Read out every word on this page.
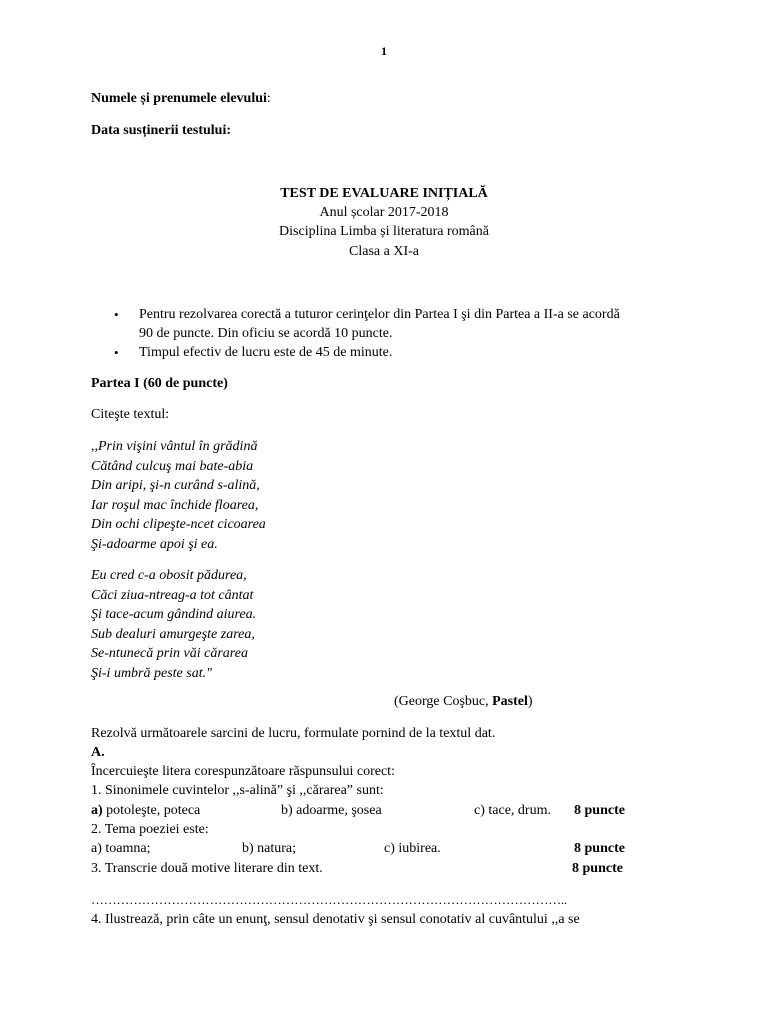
1
Numele și prenumele elevului:
Data susținerii testului:
TEST DE EVALUARE INIȚIALĂ
Anul școlar 2017-2018
Disciplina Limba și literatura română
Clasa a XI-a
• Pentru rezolvarea corectă a tuturor cerinţelor din Partea I şi din Partea a II-a se acordă
90 de puncte. Din oficiu se acordă 10 puncte.
• Timpul efectiv de lucru este de 45 de minute.
Partea I (60 de puncte)
Citeşte textul:
,,Prin vişini vântul în grădină
Cătând culcuş mai bate-abia
Din aripi, şi-n curând s-alină,
Iar roşul mac închide floarea,
Din ochi clipeşte-ncet cicoarea
Şi-adoarme apoi şi ea.
Eu cred c-a obosit pădurea,
Căci ziua-ntreag-a tot cântat
Şi tace-acum gândind aiurea.
Sub dealuri amurgeşte zarea,
Se-ntunecă prin văi cărarea
Şi-i umbră peste sat."
(George Coşbuc, Pastel)
Rezolvă următoarele sarcini de lucru, formulate pornind de la textul dat.
A.
Încercuieşte litera corespunzătoare răspunsului corect:
1. Sinonimele cuvintelor ,,s-alină” şi ,,cărarea” sunt:
a) potoleşte, poteca	b) adoarme, şosea	c) tace, drum. 8 puncte
2. Tema poeziei este:
a) toamna;	b) natura;	c) iubirea.	8 puncte
3. Transcrie două motive literare din text.	8 puncte
…………………………………………………………………………………………………..
4. Ilustrează, prin câte un enunţ, sensul denotativ şi sensul conotativ al cuvântului ,,a se
